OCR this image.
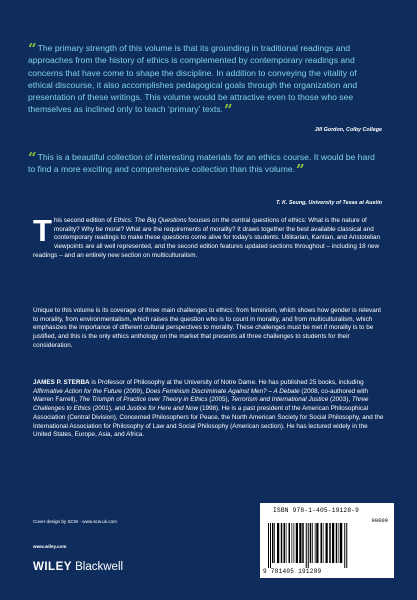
“The primary strength of this volume is that its grounding in traditional readings and approaches from the history of ethics is complemented by contemporary readings and concerns that have come to shape the discipline. In addition to conveying the vitality of ethical discourse, it also accomplishes pedagogical goals through the organization and presentation of these writings. This volume would be attractive even to those who see themselves as inclined only to teach ‘primary’ texts.”
Jill Gordon, Colby College
“This is a beautiful collection of interesting materials for an ethics course. It would be hard to find a more exciting and comprehensive collection than this volume.”
T. K. Seung, University of Texas at Austin
This second edition of Ethics: The Big Questions focuses on the central questions of ethics: What is the nature of morality? Why be moral? What are the requirements of morality? It draws together the best available classical and contemporary readings to make these questions come alive for today’s students. Utilitarian, Kantian, and Aristotelian viewpoints are all well represented, and the second edition features updated sections throughout – including 18 new readings – and an entirely new section on multiculturalism.
Unique to this volume is its coverage of three main challenges to ethics: from feminism, which shows how gender is relevant to morality, from environmentalism, which raises the question who is to count in morality, and from multiculturalism, which emphasizes the importance of different cultural perspectives to morality. These challenges must be met if morality is to be justified, and this is the only ethics anthology on the market that presents all three challenges to students for their consideration.
JAMES P. STERBA is Professor of Philosophy at the University of Notre Dame. He has published 25 books, including Affirmative Action for the Future (2009), Does Feminism Discriminate Against Men? – A Debate (2008, co-authored with Warren Farrell), The Triumph of Practice over Theory in Ethics (2005), Terrorism and International Justice (2003), Three Challenges to Ethics (2001), and Justice for Here and Now (1998). He is a past president of the American Philosophical Association (Central Division), Concerned Philosophers for Peace, the North American Society for Social Philosophy, and the International Association for Philosophy of Law and Social Philosophy (American section). He has lectured widely in the United States, Europe, Asia, and Africa.
Cover design by SCW · www.scw.uk.com
www.wiley.com
WILEY Blackwell
ISBN 978-1-405-19128-9
90000
9 781405 191289
